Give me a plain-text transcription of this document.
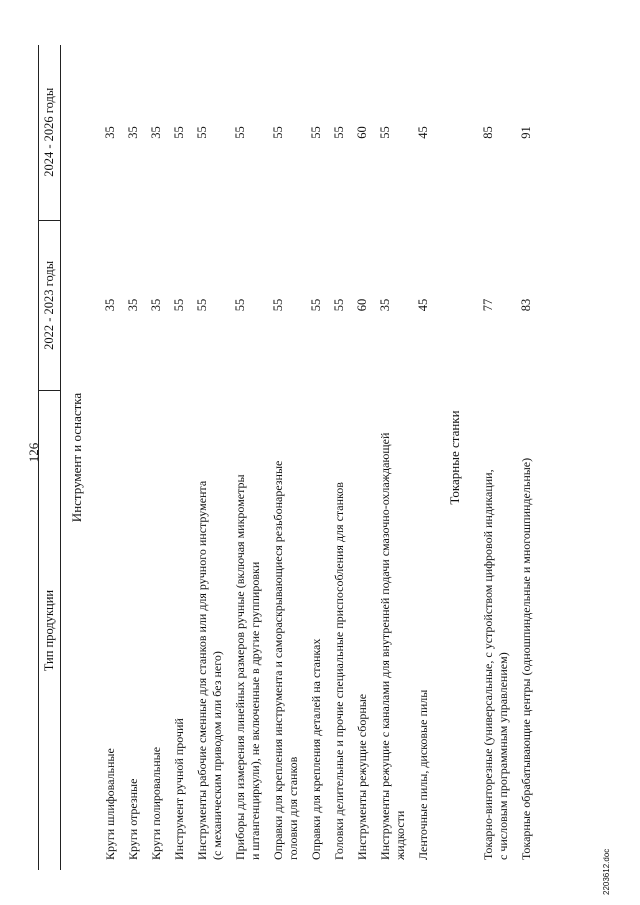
126
Тип продукции
2022 - 2023 годы
2024 - 2026 годы
Инструмент и оснастка
Круги шлифовальные
35
35
Круги отрезные
35
35
Круги полировальные
35
35
Инструмент ручной прочий
55
55
Инструменты рабочие сменные для станков или для ручного инструмента (с механическим приводом или без него)
55
55
Приборы для измерения линейных размеров ручные (включая микрометры и штангенциркули), не включенные в другие группировки
55
55
Оправки для крепления инструмента и самораскрывающиеся резьбонарезные головки для станков
55
55
Оправки для крепления деталей на станках
55
55
Головки делительные и прочие специальные приспособления для станков
55
55
Инструменты режущие сборные
60
60
Инструменты режущие с каналами для внутренней подачи смазочно-охлаждающей жидкости
35
55
Ленточные пилы, дисковые пилы
45
45
Токарные станки
Токарно-винторезные (универсальные, с устройством цифровой индикации, с числовым программным управлением)
77
85
Токарные обрабатывающие центры (одношпиндельные и многошпиндельные)
83
91
2203612.doc
